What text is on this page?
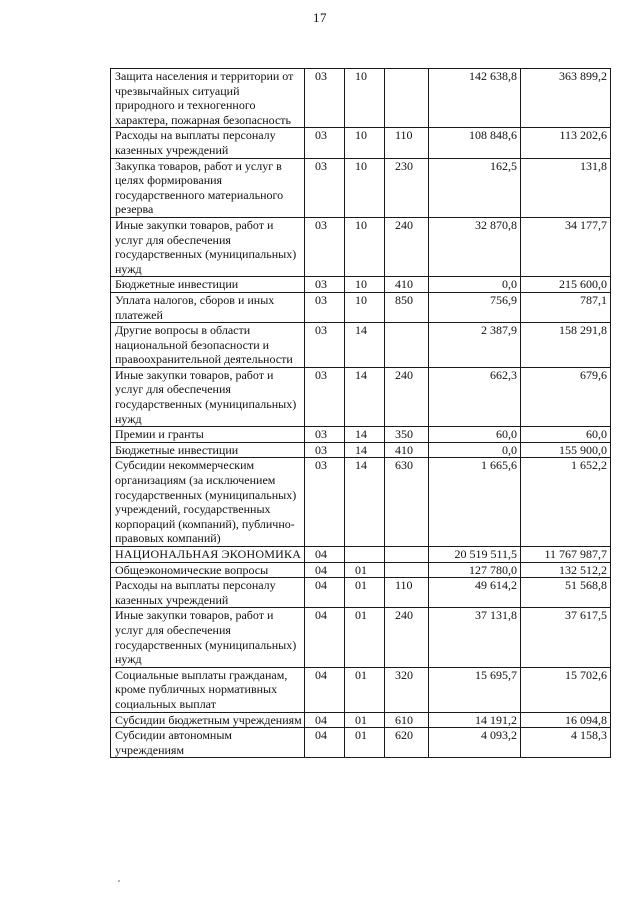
17
Защита населения и территории от чрезвычайных ситуаций природного и техногенного характера, пожарная безопасность	03	10		142 638,8	363 899,2
Расходы на выплаты персоналу казенных учреждений	03	10	110	108 848,6	113 202,6
Закупка товаров, работ и услуг в целях формирования государственного материального резерва	03	10	230	162,5	131,8
Иные закупки товаров, работ и услуг для обеспечения государственных (муниципальных) нужд	03	10	240	32 870,8	34 177,7
Бюджетные инвестиции	03	10	410	0,0	215 600,0
Уплата налогов, сборов и иных платежей	03	10	850	756,9	787,1
Другие вопросы в области национальной безопасности и правоохранительной деятельности	03	14		2 387,9	158 291,8
Иные закупки товаров, работ и услуг для обеспечения государственных (муниципальных) нужд	03	14	240	662,3	679,6
Премии и гранты	03	14	350	60,0	60,0
Бюджетные инвестиции	03	14	410	0,0	155 900,0
Субсидии некоммерческим организациям (за исключением государственных (муниципальных) учреждений, государственных корпораций (компаний), публично-правовых компаний)	03	14	630	1 665,6	1 652,2
НАЦИОНАЛЬНАЯ ЭКОНОМИКА	04			20 519 511,5	11 767 987,7
Общеэкономические вопросы	04	01		127 780,0	132 512,2
Расходы на выплаты персоналу казенных учреждений	04	01	110	49 614,2	51 568,8
Иные закупки товаров, работ и услуг для обеспечения государственных (муниципальных) нужд	04	01	240	37 131,8	37 617,5
Социальные выплаты гражданам, кроме публичных нормативных социальных выплат	04	01	320	15 695,7	15 702,6
Субсидии бюджетным учреждениям	04	01	610	14 191,2	16 094,8
Субсидии автономным учреждениям	04	01	620	4 093,2	4 158,3
